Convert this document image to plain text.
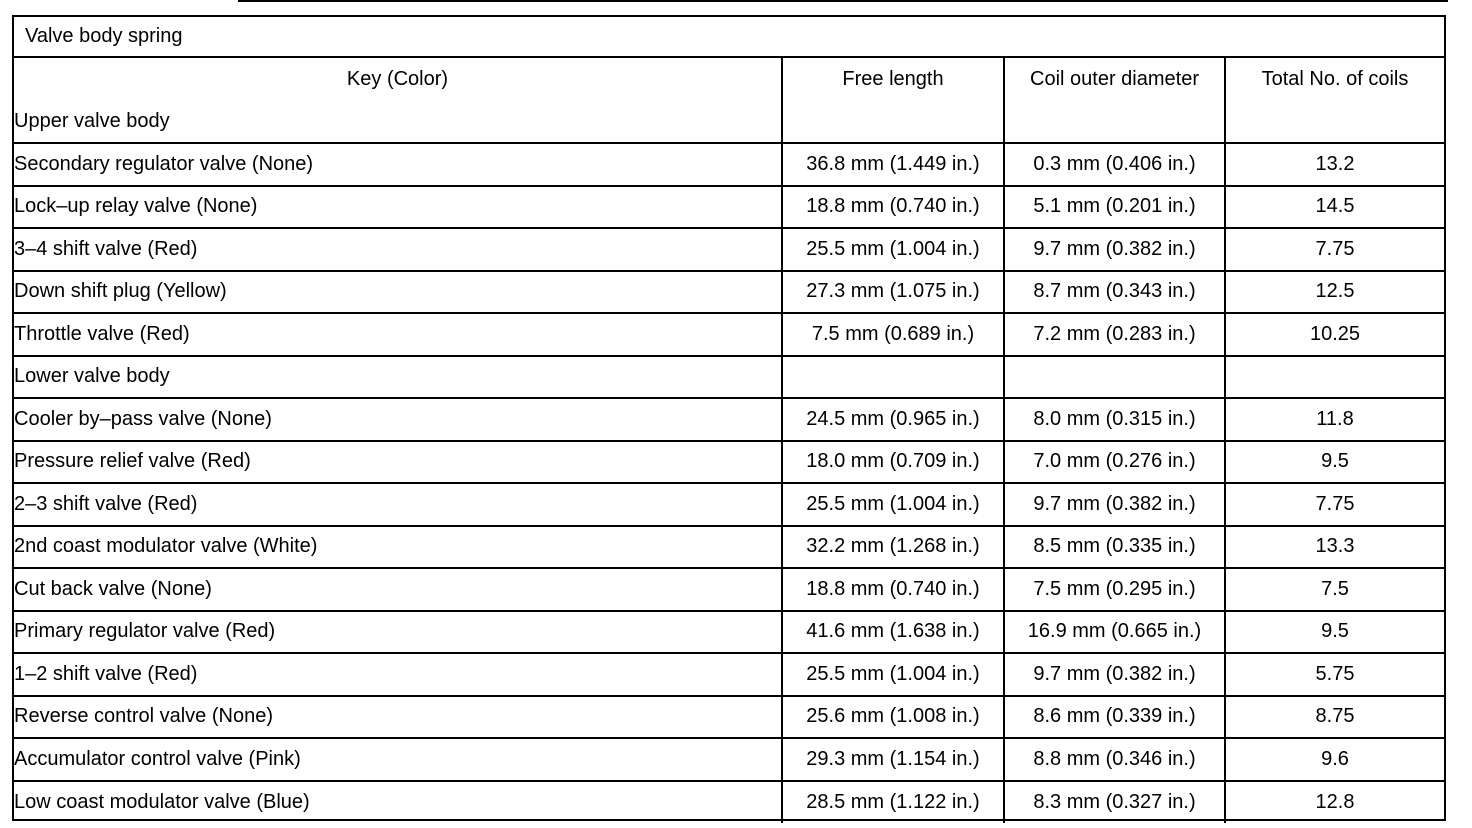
Valve body spring
Key (Color)	Free length	Coil outer diameter	Total No. of coils
Upper valve body			
Secondary regulator valve (None)	36.8 mm (1.449 in.)	0.3 mm (0.406 in.)	13.2
Lock–up relay valve (None)	18.8 mm (0.740 in.)	5.1 mm (0.201 in.)	14.5
3–4 shift valve (Red)	25.5 mm (1.004 in.)	9.7 mm (0.382 in.)	7.75
Down shift plug (Yellow)	27.3 mm (1.075 in.)	8.7 mm (0.343 in.)	12.5
Throttle valve (Red)	7.5 mm (0.689 in.)	7.2 mm (0.283 in.)	10.25
Lower valve body			
Cooler by–pass valve (None)	24.5 mm (0.965 in.)	8.0 mm (0.315 in.)	11.8
Pressure relief valve (Red)	18.0 mm (0.709 in.)	7.0 mm (0.276 in.)	9.5
2–3 shift valve (Red)	25.5 mm (1.004 in.)	9.7 mm (0.382 in.)	7.75
2nd coast modulator valve (White)	32.2 mm (1.268 in.)	8.5 mm (0.335 in.)	13.3
Cut back valve (None)	18.8 mm (0.740 in.)	7.5 mm (0.295 in.)	7.5
Primary regulator valve (Red)	41.6 mm (1.638 in.)	16.9 mm (0.665 in.)	9.5
1–2 shift valve (Red)	25.5 mm (1.004 in.)	9.7 mm (0.382 in.)	5.75
Reverse control valve (None)	25.6 mm (1.008 in.)	8.6 mm (0.339 in.)	8.75
Accumulator control valve (Pink)	29.3 mm (1.154 in.)	8.8 mm (0.346 in.)	9.6
Low coast modulator valve (Blue)	28.5 mm (1.122 in.)	8.3 mm (0.327 in.)	12.8
